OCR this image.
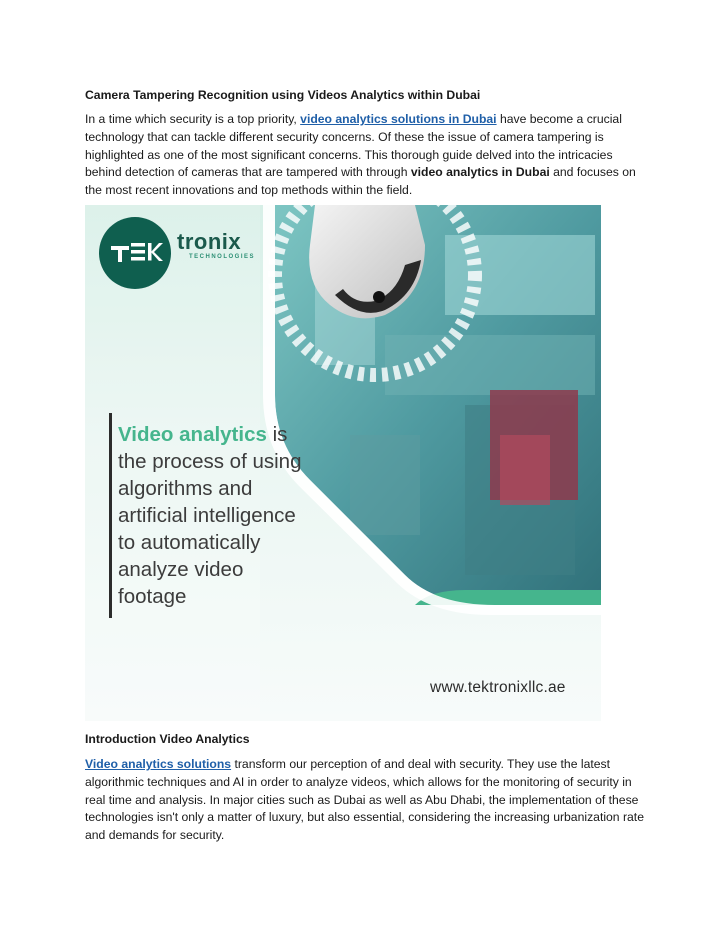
Camera Tampering Recognition using Videos Analytics within Dubai
In a time which security is a top priority, video analytics solutions in Dubai have become a crucial
technology that can tackle different security concerns. Of these the issue of camera tampering is
highlighted as one of the most significant concerns. This thorough guide delved into the intricacies
behind detection of cameras that are tampered with through video analytics in Dubai and focuses on
the most recent innovations and top methods within the field.
tronix
TECHNOLOGIES
Video analytics is
the process of using
algorithms and
artificial intelligence
to automatically
analyze video
footage
www.tektronixllc.ae
Introduction Video Analytics
Video analytics solutions transform our perception of and deal with security. They use the latest
algorithmic techniques and AI in order to analyze videos, which allows for the monitoring of security in
real time and analysis. In major cities such as Dubai as well as Abu Dhabi, the implementation of these
technologies isn't only a matter of luxury, but also essential, considering the increasing urbanization rate
and demands for security.
